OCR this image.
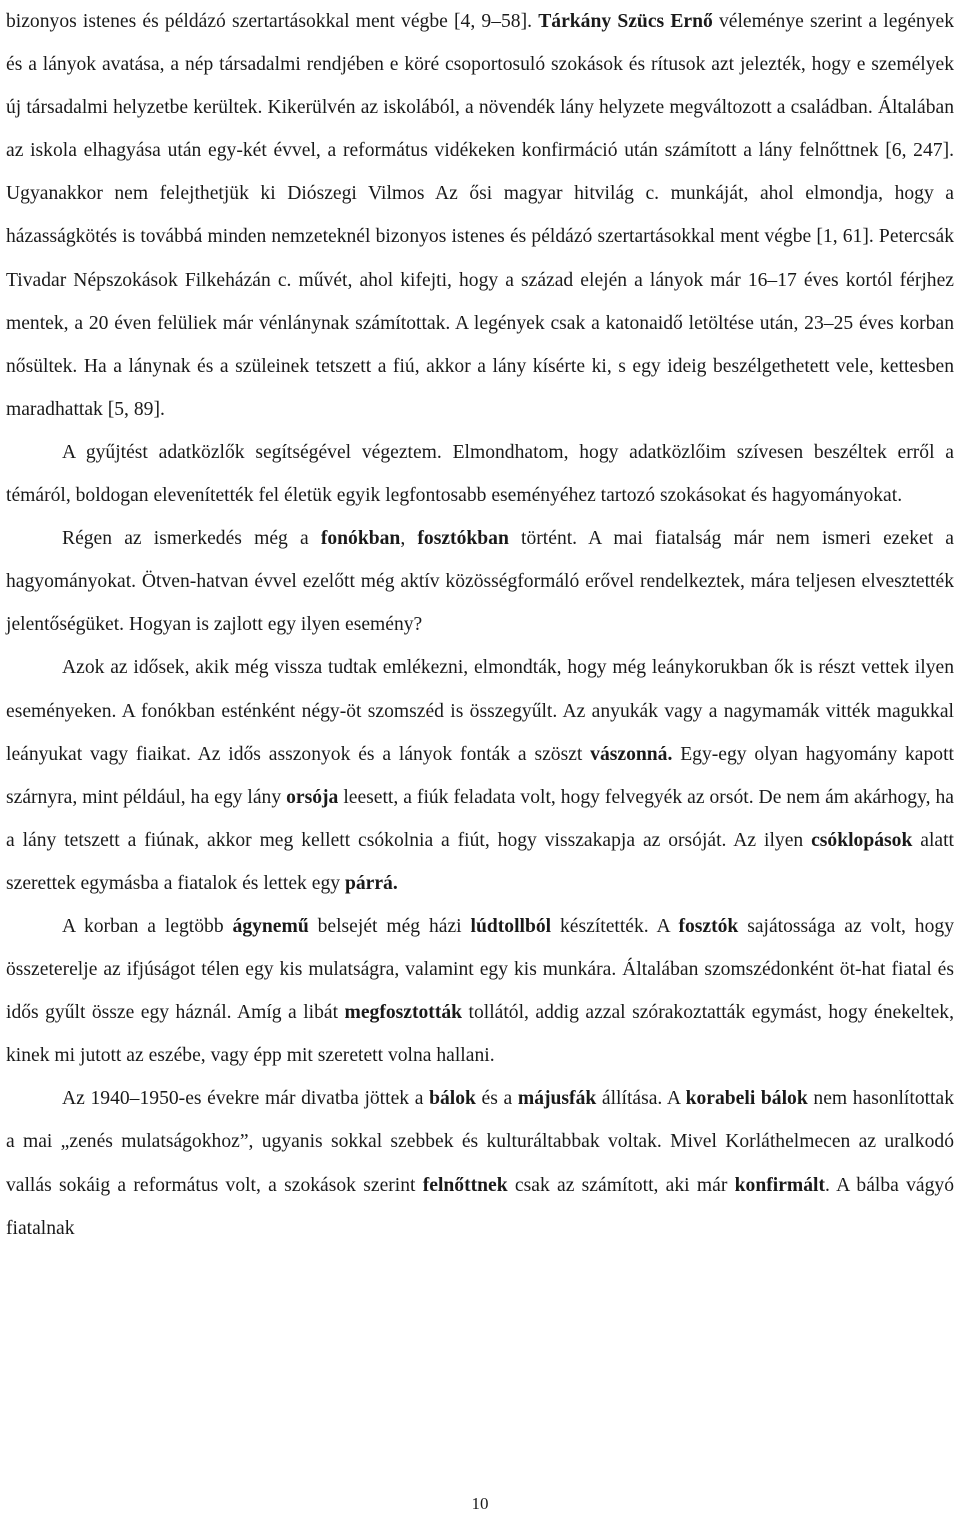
bizonyos istenes és példázó szertartásokkal ment végbe [4, 9–58]. Tárkány Szücs Ernő véleménye szerint a legények és a lányok avatása, a nép társadalmi rendjében e köré csoportosuló szokások és rítusok azt jelezték, hogy e személyek új társadalmi helyzetbe kerültek. Kikerülvén az iskolából, a növendék lány helyzete megváltozott a családban. Általában az iskola elhagyása után egy-két évvel, a református vidékeken konfirmáció után számított a lány felnőttnek [6, 247]. Ugyanakkor nem felejthetjük ki Diószegi Vilmos Az ősi magyar hitvilág c. munkáját, ahol elmondja, hogy a házasságkötés is továbbá minden nemzeteknél bizonyos istenes és példázó szertartásokkal ment végbe [1, 61]. Petercsák Tivadar Népszokások Filkeházán c. művét, ahol kifejti, hogy a század elején a lányok már 16–17 éves kortól férjhez mentek, a 20 éven felüliek már vénlánynak számítottak. A legények csak a katonaidő letöltése után, 23–25 éves korban nősültek. Ha a lánynak és a szüleinek tetszett a fiú, akkor a lány kísérte ki, s egy ideig beszélgethetett vele, kettesben maradhattak [5, 89].

A gyűjtést adatközlők segítségével végeztem. Elmondhatom, hogy adatközlőim szívesen beszéltek erről a témáról, boldogan elevenítették fel életük egyik legfontosabb eseményéhez tartozó szokásokat és hagyományokat.

Régen az ismerkedés még a fonókban, fosztókban történt. A mai fiatalság már nem ismeri ezeket a hagyományokat. Ötven-hatvan évvel ezelőtt még aktív közösségformáló erővel rendelkeztek, mára teljesen elvesztették jelentőségüket. Hogyan is zajlott egy ilyen esemény?

Azok az idősek, akik még vissza tudtak emlékezni, elmondták, hogy még leánykorukban ők is részt vettek ilyen eseményeken. A fonókban esténként négy-öt szomszéd is összegyűlt. Az anyukák vagy a nagymamák vitték magukkal leányukat vagy fiaikat. Az idős asszonyok és a lányok fonták a szöszt vászonná. Egy-egy olyan hagyomány kapott szárnyra, mint például, ha egy lány orsója leesett, a fiúk feladata volt, hogy felvegyék az orsót. De nem ám akárhogy, ha a lány tetszett a fiúnak, akkor meg kellett csókolnia a fiút, hogy visszakapja az orsóját. Az ilyen csóklopások alatt szerettek egymásba a fiatalok és lettek egy párrá.

A korban a legtöbb ágynemű belsejét még házi lúdtollból készítették. A fosztók sajátossága az volt, hogy összeterelje az ifjúságot télen egy kis mulatságra, valamint egy kis munkára. Általában szomszédonként öt-hat fiatal és idős gyűlt össze egy háznál. Amíg a libát megfosztották tollától, addig azzal szórakoztatták egymást, hogy énekeltek, kinek mi jutott az eszébe, vagy épp mit szeretett volna hallani.

Az 1940–1950-es évekre már divatba jöttek a bálok és a májusfák állítása. A korabeli bálok nem hasonlítottak a mai „zenés mulatságokhoz”, ugyanis sokkal szebbek és kulturáltabbak voltak. Mivel Korláthelmecen az uralkodó vallás sokáig a református volt, a szokások szerint felnőttnek csak az számított, aki már konfirmált. A bálba vágyó fiatalnak

10
